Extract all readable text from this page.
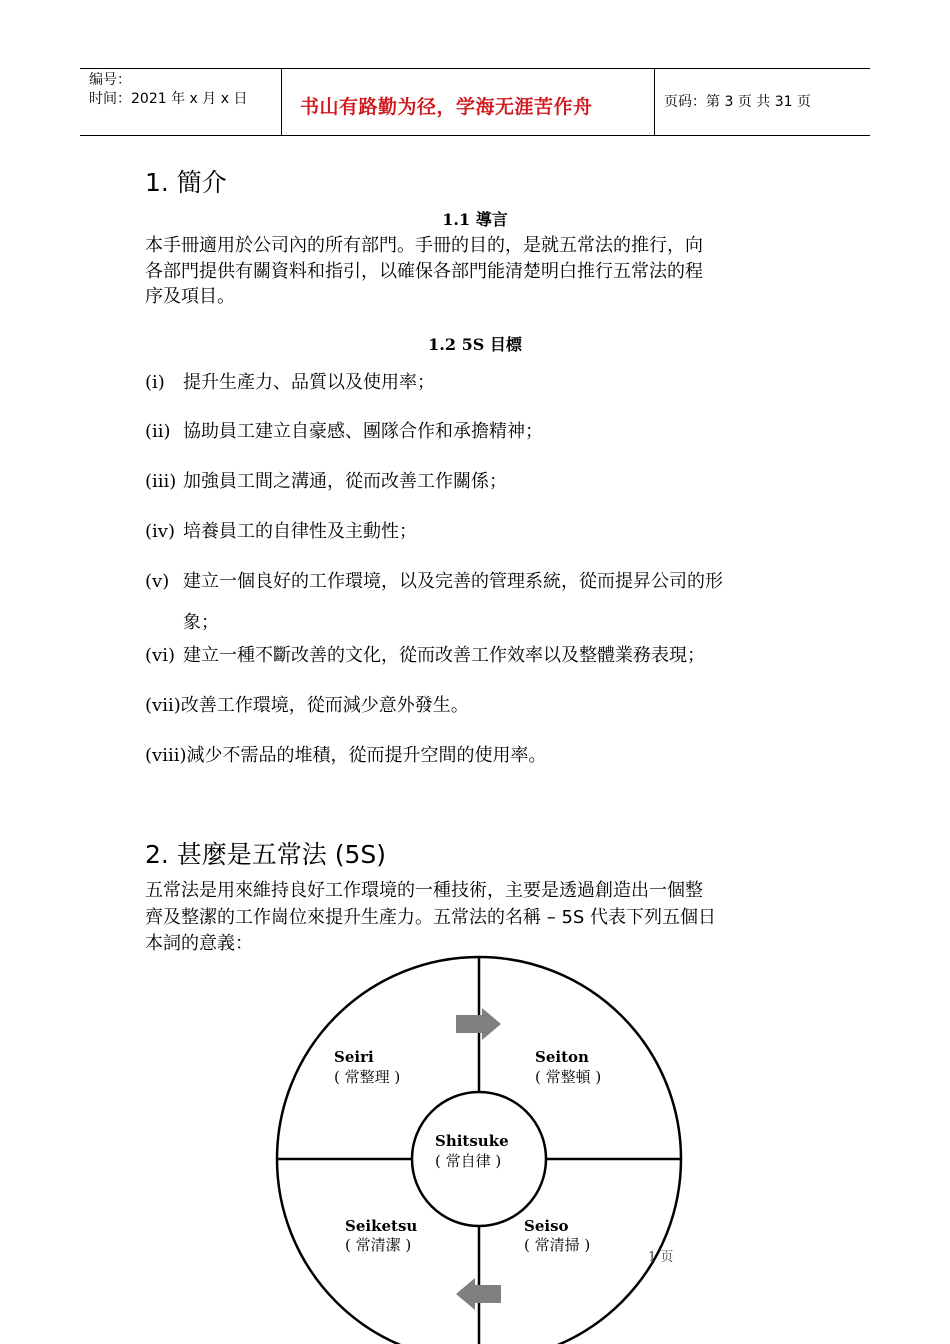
编号：
时间：2021 年 x 月 x 日	书山有路勤为径，学海无涯苦作舟	页码：第 3 页 共 31 页
1. 簡介
1.1 導言
本手冊適用於公司內的所有部門。手冊的目的，是就五常法的推行，向
各部門提供有關資料和指引，以確保各部門能清楚明白推行五常法的程
序及項目。
1.2 5S 目標
(i) 提升生產力、品質以及使用率；
(ii) 協助員工建立自豪感、團隊合作和承擔精神；
(iii) 加強員工間之溝通，從而改善工作關係；
(iv) 培養員工的自律性及主動性；
(v) 建立一個良好的工作環境，以及完善的管理系統，從而提昇公司的形
象；
(vi) 建立一種不斷改善的文化，從而改善工作效率以及整體業務表現；
(vii)改善工作環境，從而減少意外發生。
(viii)減少不需品的堆積，從而提升空間的使用率。
2. 甚麼是五常法 (5S)
五常法是用來維持良好工作環境的一種技術，主要是透過創造出一個整
齊及整潔的工作崗位來提升生產力。五常法的名稱 – 5S 代表下列五個日
本詞的意義：
Seiri
( 常整理 )
Seiton
( 常整頓 )
Shitsuke
( 常自律 )
Seiketsu
( 常清潔 )
Seiso
( 常清掃 )
1 页
